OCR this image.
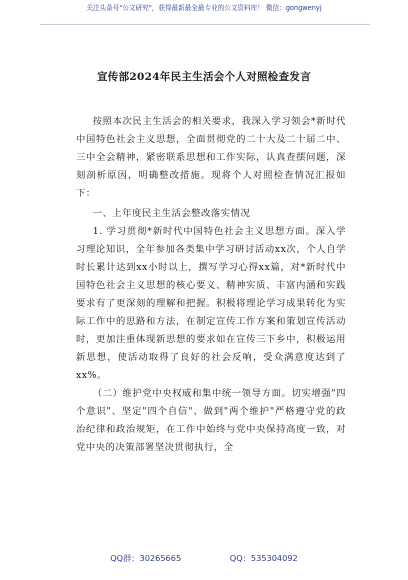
关注头条号"公文研究"，获得最新最全最专业的公文资料库！ 微信：gongwenyj
宣传部2024年民主生活会个人对照检查发言

按照本次民主生活会的相关要求，我深入学习领会*新时代中国特色社会主义思想，全面贯彻党的二十大及二十届二中、三中全会精神，紧密联系思想和工作实际，认真查摆问题，深刻剖析原因，明确整改措施。现将个人对照检查情况汇报如下：

一、上年度民主生活会整改落实情况

1. 学习贯彻*新时代中国特色社会主义思想方面。深入学习理论知识，全年参加各类集中学习研讨活动xx次，个人自学时长累计达到xx小时以上，撰写学习心得xx篇，对*新时代中国特色社会主义思想的核心要义、精神实质、丰富内涵和实践要求有了更深刻的理解和把握。积极将理论学习成果转化为实际工作中的思路和方法，在制定宣传工作方案和策划宣传活动时，更加注重体现新思想的要求如在宣传三下乡中，积极运用新思想，使活动取得了良好的社会反响，受众满意度达到了xx%。

（二）维护党中央权威和集中统一领导方面。切实增强"四个意识"、坚定"四个自信"、做到"两个维护"严格遵守党的政治纪律和政治规矩，在工作中始终与党中央保持高度一致，对党中央的决策部署坚决贯彻执行，全

QQ群：30265665	QQ：535304092
